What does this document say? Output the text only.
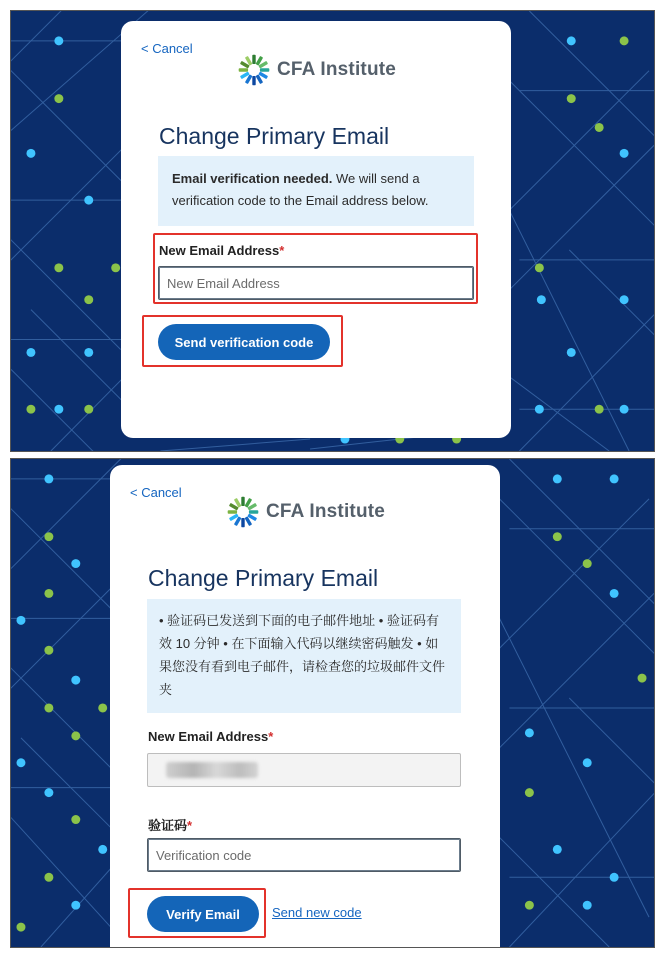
< Cancel
CFA Institute
Change Primary Email
Email verification needed. We will send a verification code to the Email address below.
New Email Address*
New Email Address
Send verification code
< Cancel
CFA Institute
Change Primary Email
• 验证码已发送到下面的电子邮件地址 • 验证码有效 10 分钟 • 在下面输入代码以继续密码触发 • 如果您没有看到电子邮件，请检查您的垃圾邮件文件夹
New Email Address*
验证码*
Verification code
Verify Email	Send new code
